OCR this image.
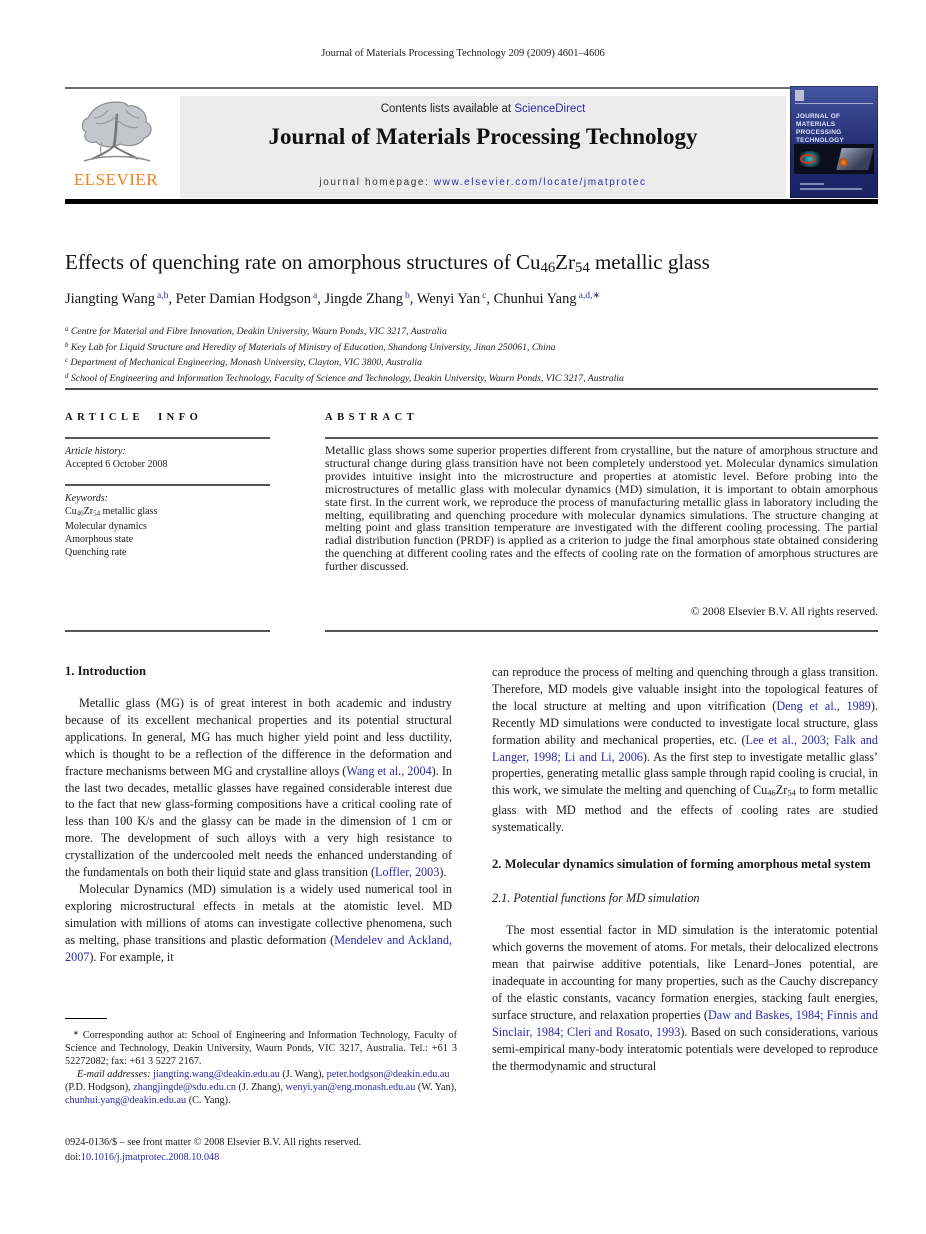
Journal of Materials Processing Technology 209 (2009) 4601–4606
ELSEVIER
Contents lists available at ScienceDirect
Journal of Materials Processing Technology
journal homepage: www.elsevier.com/locate/jmatprotec
JOURNAL OF MATERIALS PROCESSING TECHNOLOGY
Effects of quenching rate on amorphous structures of $Cu_{46}Zr_{54}$ metallic glass
Jiangting Wang $^{a,b}$, Peter Damian Hodgson $^a$, Jingde Zhang $^b$, Wenyi Yan $^c$, Chunhui Yang $^{a,d,∗}$
$^a$ Centre for Material and Fibre Innovation, Deakin University, Waurn Ponds, VIC 3217, Australia
$^b$ Key Lab for Liquid Structure and Heredity of Materials of Ministry of Education, Shandong University, Jinan 250061, China
$^c$ Department of Mechanical Engineering, Monash University, Clayton, VIC 3800, Australia
$^d$ School of Engineering and Information Technology, Faculty of Science and Technology, Deakin University, Waurn Ponds, VIC 3217, Australia
ARTICLE INFO	ABSTRACT
Article history:
Accepted 6 October 2008
Keywords:
Cu46Zr54 metallic glass
Molecular dynamics
Amorphous state
Quenching rate
Metallic glass shows some superior properties different from crystalline, but the nature of amorphous structure and structural change during glass transition have not been completely understood yet. Molecular dynamics simulation provides intuitive insight into the microstructure and properties at atomistic level. Before probing into the microstructures of metallic glass with molecular dynamics (MD) simulation, it is important to obtain amorphous state first. In the current work, we reproduce the process of manufacturing metallic glass in laboratory including the melting, equilibrating and quenching procedure with molecular dynamics simulations. The structure changing at melting point and glass transition temperature are investigated with the different cooling processing. The partial radial distribution function (PRDF) is applied as a criterion to judge the final amorphous state obtained considering the quenching at different cooling rates and the effects of cooling rate on the formation of amorphous structures are further discussed.
© 2008 Elsevier B.V. All rights reserved.
1. Introduction

Metallic glass (MG) is of great interest in both academic and industry because of its excellent mechanical properties and its potential structural applications. In general, MG has much higher yield point and less ductility, which is thought to be a reflection of the difference in the deformation and fracture mechanisms between MG and crystalline alloys (Wang et al., 2004). In the last two decades, metallic glasses have regained considerable interest due to the fact that new glass-forming compositions have a critical cooling rate of less than 100 K/s and the glassy can be made in the dimension of 1 cm or more. The development of such alloys with a very high resistance to crystallization of the undercooled melt needs the enhanced understanding of the fundamentals on both their liquid state and glass transition (Loffler, 2003).

Molecular Dynamics (MD) simulation is a widely used numerical tool in exploring microstructural effects in metals at the atomistic level. MD simulation with millions of atoms can investigate collective phenomena, such as melting, phase transitions and plastic deformation (Mendelev and Ackland, 2007). For example, it

can reproduce the process of melting and quenching through a glass transition. Therefore, MD models give valuable insight into the topological features of the local structure at melting and upon vitrification (Deng et al., 1989). Recently MD simulations were conducted to investigate local structure, glass formation ability and mechanical properties, etc. (Lee et al., 2003; Falk and Langer, 1998; Li and Li, 2006). As the first step to investigate metallic glass’ properties, generating metallic glass sample through rapid cooling is crucial, in this work, we simulate the melting and quenching of $Cu_{46}Zr_{54}$ to form metallic glass with MD method and the effects of cooling rates are studied systematically.

2. Molecular dynamics simulation of forming amorphous metal system
2.1. Potential functions for MD simulation

The most essential factor in MD simulation is the interatomic potential which governs the movement of atoms. For metals, their delocalized electrons mean that pairwise additive potentials, like Lenard–Jones potential, are inadequate in accounting for many properties, such as the Cauchy discrepancy of the elastic constants, vacancy formation energies, stacking fault energies, surface structure, and relaxation properties (Daw and Baskes, 1984; Finnis and Sinclair, 1984; Cleri and Rosato, 1993). Based on such considerations, various semi-empirical many-body interatomic potentials were developed to reproduce the thermodynamic and structural

∗ Corresponding author at: School of Engineering and Information Technology, Faculty of Science and Technology, Deakin University, Waurn Ponds, VIC 3217, Australia. Tel.: +61 3 52272082; fax: +61 3 5227 2167.

E-mail addresses: jiangting.wang@deakin.edu.au (J. Wang), peter.hodgson@deakin.edu.au (P.D. Hodgson), zhangjingde@sdu.edu.cn (J. Zhang), wenyi.yan@eng.monash.edu.au (W. Yan), chunhui.yang@deakin.edu.au (C. Yang).

0924-0136/$ – see front matter © 2008 Elsevier B.V. All rights reserved.
doi:10.1016/j.jmatprotec.2008.10.048
